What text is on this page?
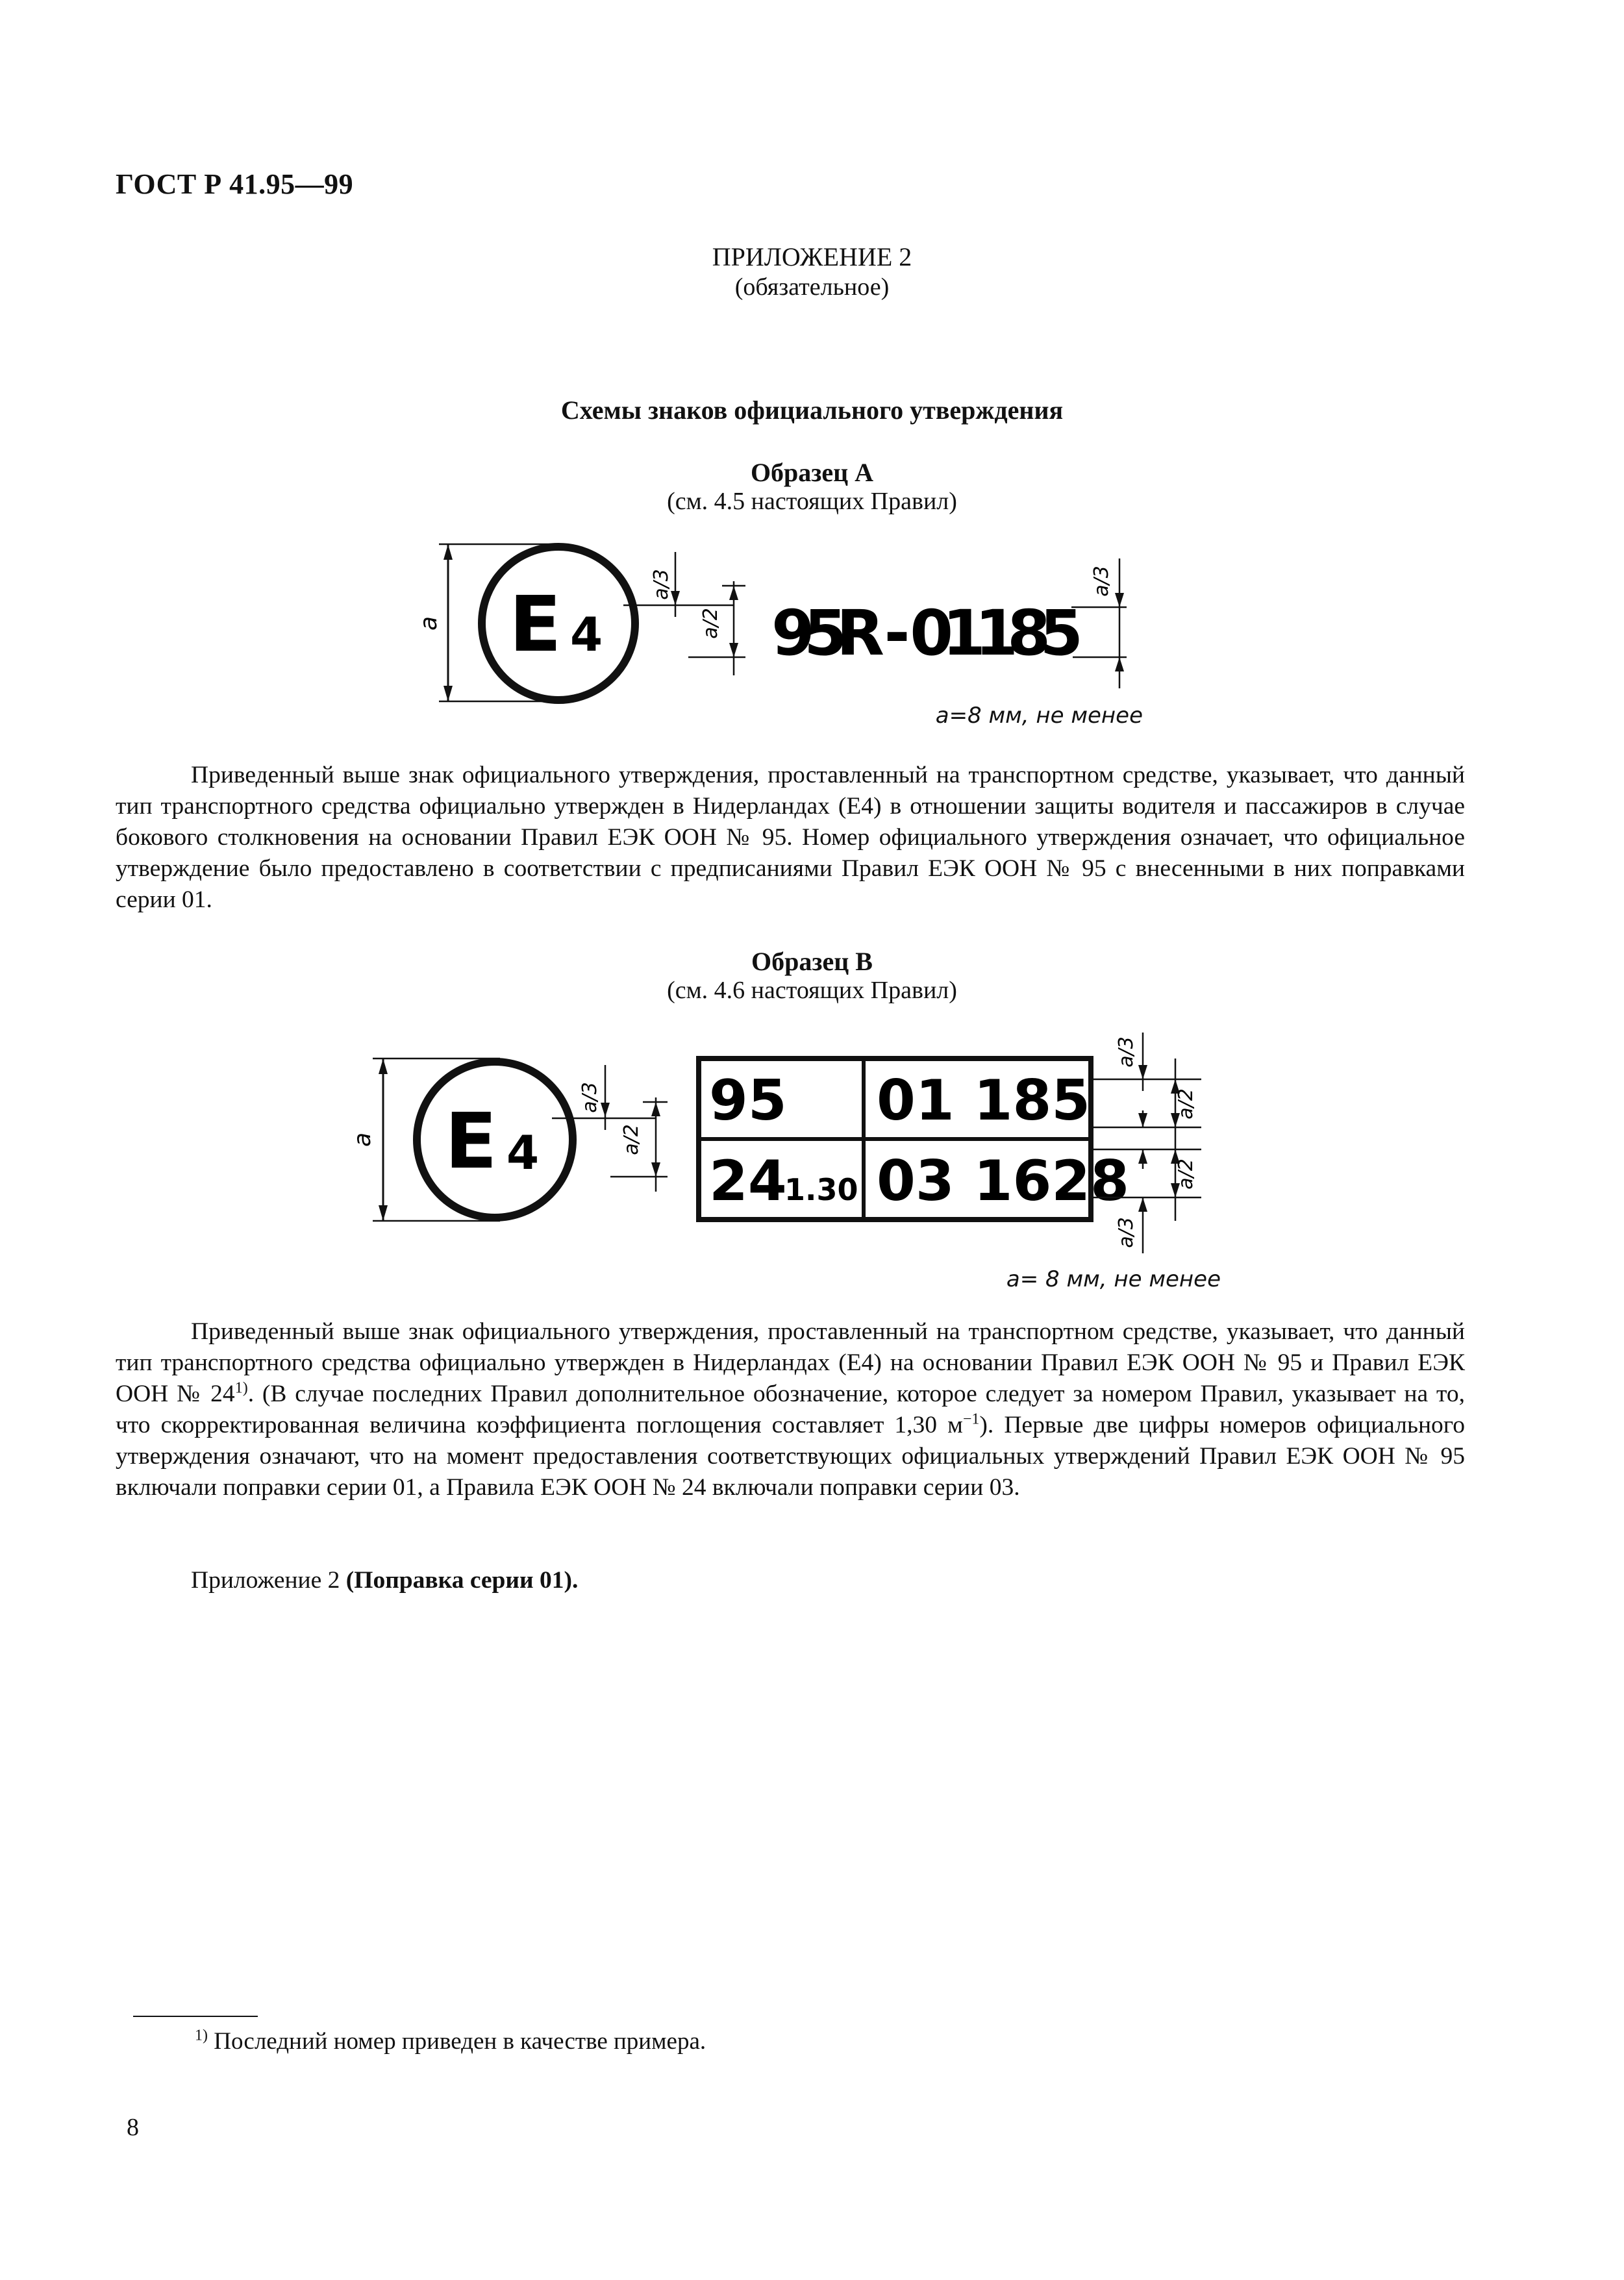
ГОСТ Р 41.95—99
ПРИЛОЖЕНИЕ 2
(обязательное)
Схемы знаков официального утверждения
Образец А
(см. 4.5 настоящих Правил)
a E 4
a/3
a/2 95R - 01185
a/3
a=8 мм, не менее
Приведенный выше знак официального утверждения, проставленный на транспортном средстве, указывает, что данный тип транспортного средства официально утвержден в Нидерландах (Е4) в отношении защиты водителя и пассажиров в случае бокового столкновения на основании Правил ЕЭК ООН № 95. Номер официального утверждения означает, что официальное утверждение было предоставлено в соответствии с предписаниями Правил ЕЭК ООН № 95 с внесенными в них поправками серии 01.
Образец В
(см. 4.6 настоящих Правил)
a E 4
a/3
a/2
95 01 185
24
1.30 03 1628
a/3
a/3
a/2
a/2
a= 8 мм, не менее
Приведенный выше знак официального утверждения, проставленный на транспортном средстве, указывает, что данный тип транспортного средства официально утвержден в Нидерландах (Е4) на основании Правил ЕЭК ООН № 95 и Правил ЕЭК ООН № 24$^{1)}$. (В случае последних Правил дополнительное обозначение, которое следует за номером Правил, указывает на то, что скорректированная величина коэффициента поглощения составляет 1,30 $м^{-1}$). Первые две цифры номеров официального утверждения означают, что на момент предоставления соответствующих официальных утверждений Правил ЕЭК ООН № 95 включали поправки серии 01, а Правила ЕЭК ООН № 24 включали поправки серии 03.
Приложение 2 (Поправка серии 01).
$^{1)}$ Последний номер приведен в качестве примера.
8
